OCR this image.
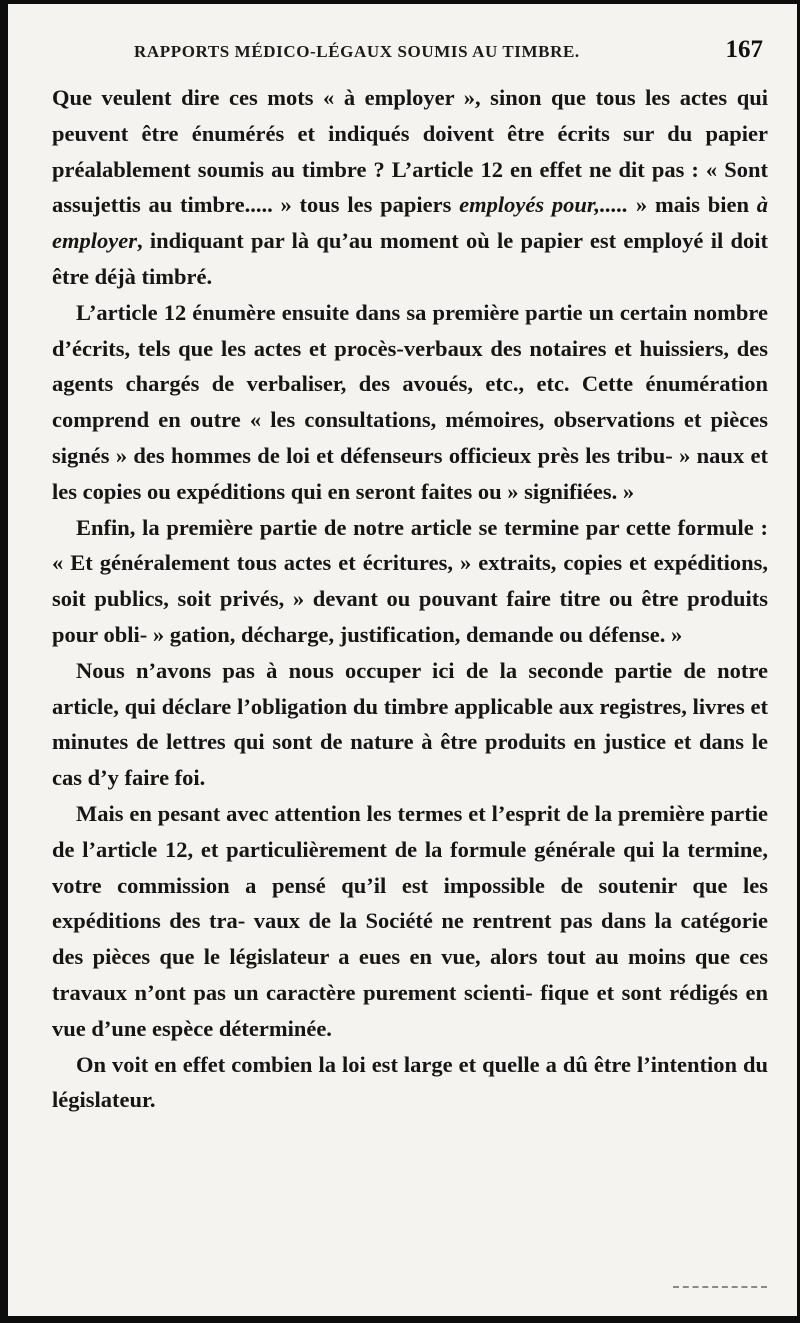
RAPPORTS MÉDICO-LÉGAUX SOUMIS AU TIMBRE.	167

Que veulent dire ces mots « à employer », sinon que tous les actes qui peuvent être énumérés et indiqués doivent être écrits sur du papier préalablement soumis au timbre ? L’article 12 en effet ne dit pas : « Sont assujettis au timbre..... » tous les papiers employés pour,..... » mais bien à employer, indiquant par là qu’au moment où le papier est employé il doit être déjà timbré.

L’article 12 énumère ensuite dans sa première partie un certain nombre d’écrits, tels que les actes et procès-verbaux des notaires et huissiers, des agents chargés de verbaliser, des avoués, etc., etc. Cette énumération comprend en outre « les consultations, mémoires, observations et pièces signés » des hommes de loi et défenseurs officieux près les tribu- » naux et les copies ou expéditions qui en seront faites ou » signifiées. »

Enfin, la première partie de notre article se termine par cette formule : « Et généralement tous actes et écritures, » extraits, copies et expéditions, soit publics, soit privés, » devant ou pouvant faire titre ou être produits pour obli- » gation, décharge, justification, demande ou défense. »

Nous n’avons pas à nous occuper ici de la seconde partie de notre article, qui déclare l’obligation du timbre applicable aux registres, livres et minutes de lettres qui sont de nature à être produits en justice et dans le cas d’y faire foi.

Mais en pesant avec attention les termes et l’esprit de la première partie de l’article 12, et particulièrement de la formule générale qui la termine, votre commission a pensé qu’il est impossible de soutenir que les expéditions des tra- vaux de la Société ne rentrent pas dans la catégorie des pièces que le législateur a eues en vue, alors tout au moins que ces travaux n’ont pas un caractère purement scienti- fique et sont rédigés en vue d’une espèce déterminée.

On voit en effet combien la loi est large et quelle a dû être l’intention du législateur.
